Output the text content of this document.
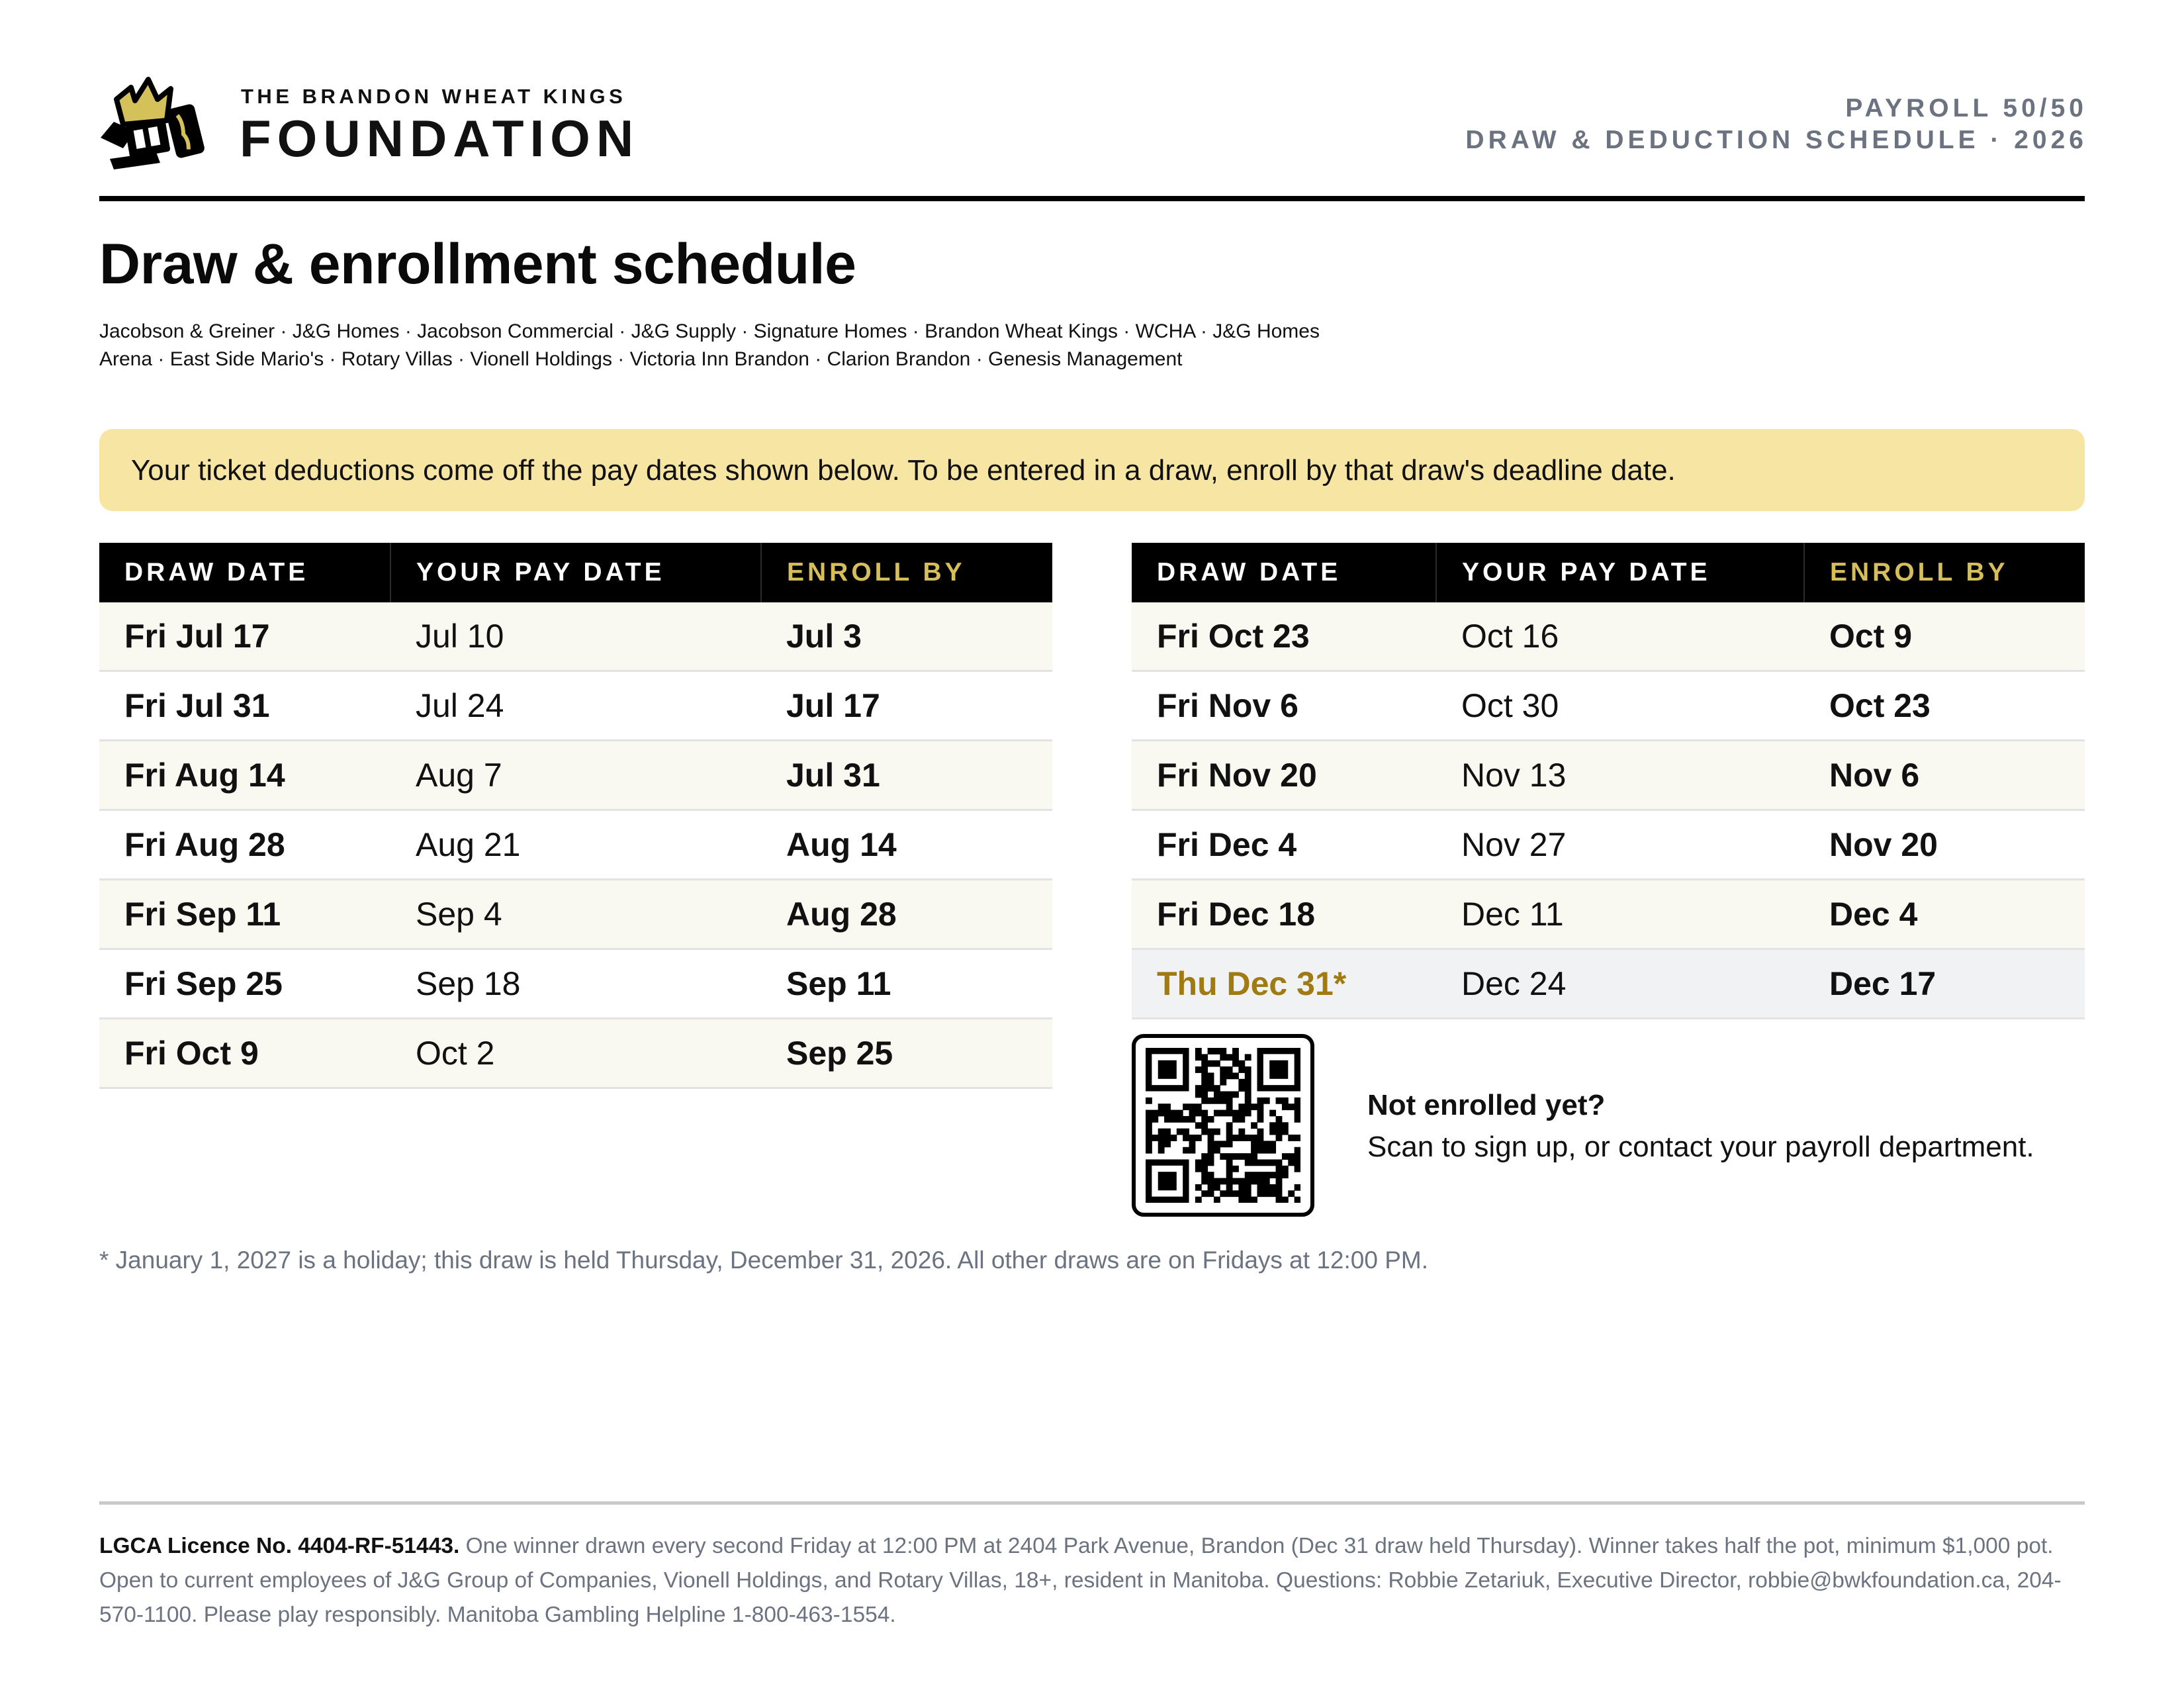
THE BRANDON WHEAT KINGS
FOUNDATION
PAYROLL 50/50
DRAW & DEDUCTION SCHEDULE · 2026
Draw & enrollment schedule
Jacobson & Greiner · J&G Homes · Jacobson Commercial · J&G Supply · Signature Homes · Brandon Wheat Kings · WCHA · J&G Homes
Arena · East Side Mario's · Rotary Villas · Vionell Holdings · Victoria Inn Brandon · Clarion Brandon · Genesis Management
Your ticket deductions come off the pay dates shown below. To be entered in a draw, enroll by that draw's deadline date.
DRAW DATE	YOUR PAY DATE	ENROLL BY
Fri Jul 17	Jul 10	Jul 3
Fri Jul 31	Jul 24	Jul 17
Fri Aug 14	Aug 7	Jul 31
Fri Aug 28	Aug 21	Aug 14
Fri Sep 11	Sep 4	Aug 28
Fri Sep 25	Sep 18	Sep 11
Fri Oct 9	Oct 2	Sep 25
DRAW DATE	YOUR PAY DATE	ENROLL BY
Fri Oct 23	Oct 16	Oct 9
Fri Nov 6	Oct 30	Oct 23
Fri Nov 20	Nov 13	Nov 6
Fri Dec 4	Nov 27	Nov 20
Fri Dec 18	Dec 11	Dec 4
Thu Dec 31*	Dec 24	Dec 17
Not enrolled yet?
Scan to sign up, or contact your payroll department.
* January 1, 2027 is a holiday; this draw is held Thursday, December 31, 2026. All other draws are on Fridays at 12:00 PM.
LGCA Licence No. 4404-RF-51443. One winner drawn every second Friday at 12:00 PM at 2404 Park Avenue, Brandon (Dec 31 draw held Thursday). Winner takes half the pot, minimum $1,000 pot. Open to current employees of J&G Group of Companies, Vionell Holdings, and Rotary Villas, 18+, resident in Manitoba. Questions: Robbie Zetariuk, Executive Director, robbie@bwkfoundation.ca, 204-570-1100. Please play responsibly. Manitoba Gambling Helpline 1-800-463-1554.
